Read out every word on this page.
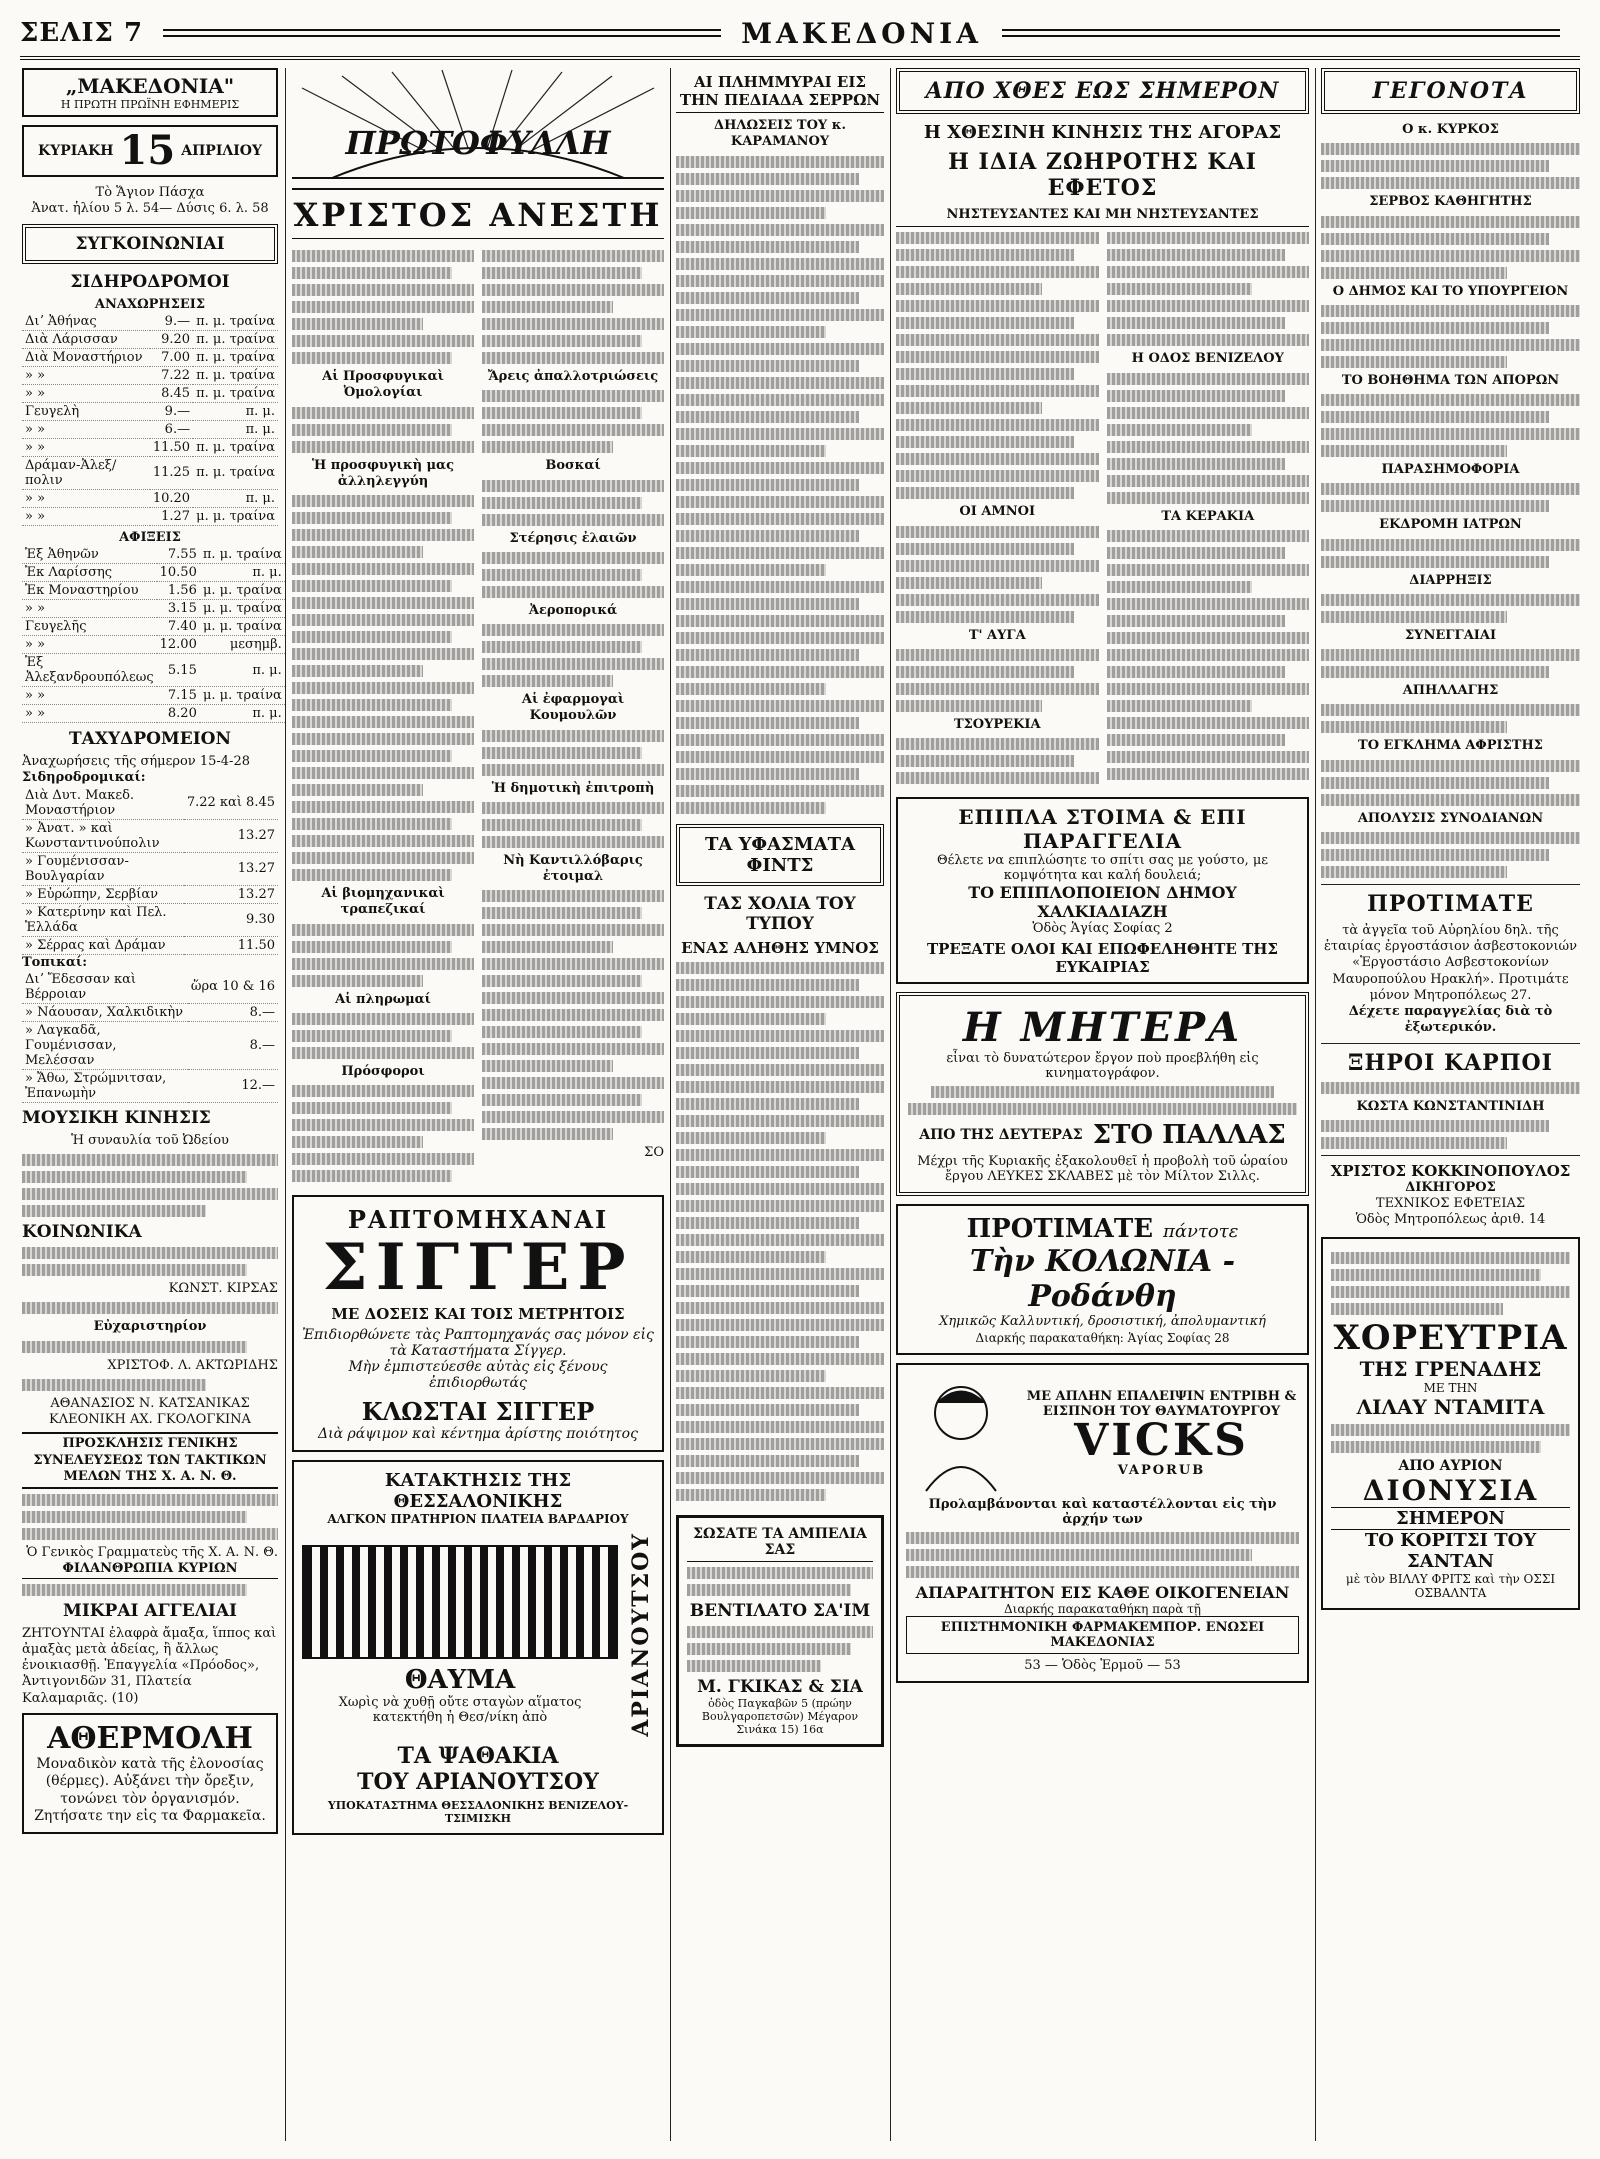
ΣΕΛΙΣ 7	ΜΑΚΕΔΟΝΙΑ
„ΜΑΚΕΔΟΝΙΑ"
Η ΠΡΩΤΗ ΠΡΩΪΝΗ ΕΦΗΜΕΡΙΣ
ΚΥΡΙΑΚΗ 15 ΑΠΡΙΛΙΟΥ
Τὸ Ἅγιον Πάσχα
Ἀνατ. ἡλίου 5 λ. 54— Δύσις 6. λ. 58
ΣΥΓΚΟΙΝΩΝΙΑΙ
ΣΙΔΗΡΟΔΡΟΜΟΙ
ΑΝΑΧΩΡΗΣΕΙΣ
Διʼ Ἀθήνας	9.—	π. μ. τραίνα
Διὰ Λάρισσαν	9.20	π. μ. τραίνα
Διὰ Μοναστήριον	7.00	π. μ. τραίνα
» »	7.22	π. μ. τραίνα
» »	8.45	π. μ. τραίνα
Γευγελὴ	9.—	π. μ.
» »	6.—	π. μ.
» »	11.50	π. μ. τραίνα
Δράμαν-Ἀλεξ/πολιν	11.25	π. μ. τραίνα
» »	10.20	π. μ.
» »	1.27	μ. μ. τραίνα
ΑΦΙΞΕΙΣ
Ἐξ Ἀθηνῶν	7.55	π. μ. τραίνα
Ἐκ Λαρίσσης	10.50	π. μ.
Ἐκ Μοναστηρίου	1.56	μ. μ. τραίνα
» »	3.15	μ. μ. τραίνα
Γευγελῆς	7.40	μ. μ. τραίνα
» »	12.00	μεσημβ.
Ἐξ Ἀλεξανδρουπόλεως	5.15	π. μ.
» »	7.15	μ. μ. τραίνα
» »	8.20	π. μ.
ΤΑΧΥΔΡΟΜΕΙΟΝ
Ἀναχωρήσεις τῆς σήμερον 15-4-28
Σιδηροδρομικαί:
Διὰ Δυτ. Μακεδ. Μοναστήριον	7.22 καὶ 8.45
» Ἀνατ. » καὶ Κωνσταντινούπολιν	13.27
» Γουμένισσαν-Βουλγαρίαν	13.27
» Εὐρώπην, Σερβίαν	13.27
» Κατερίνην καὶ Πελ. Ἑλλάδα	9.30
» Σέρρας καὶ Δράμαν	11.50
Τοπικαί:
Διʼ Ἔδεσσαν καὶ Βέρροιαν	ὥρα 10 & 16
» Νάουσαν, Χαλκιδικὴν	8.—
» Λαγκαδᾶ, Γουμένισσαν, Μελέσσαν	8.—
» Ἄθω, Στρώμνιτσαν, Ἐπανωμὴν	12.—
ΜΟΥΣΙΚΗ ΚΙΝΗΣΙΣ
Ἡ συναυλία τοῦ Ὠδείου
ΚΟΙΝΩΝΙΚΑ
ΚΩΝΣΤ. ΚΙΡΣΑΣ
Εὐχαριστηρίον
ΧΡΙΣΤΟΦ. Λ. ΑΚΤΩΡΙΔΗΣ
ΑΘΑΝΑΣΙΟΣ Ν. ΚΑΤΣΑΝΙΚΑΣ
ΚΛΕΟΝΙΚΗ ΑΧ. ΓΚΟΛΟΓΚΙΝΑ
ΠΡΟΣΚΛΗΣΙΣ ΓΕΝΙΚΗΣ ΣΥΝΕΛΕΥΣΕΩΣ ΤΩΝ ΤΑΚΤΙΚΩΝ ΜΕΛΩΝ ΤΗΣ Χ. Α. Ν. Θ.
Ὁ Γενικὸς Γραμματεὺς τῆς Χ. Α. Ν. Θ.
ΦΙΛΑΝΘΡΩΠΙΑ ΚΥΡΙΩΝ
ΜΙΚΡΑΙ ΑΓΓΕΛΙΑΙ
ΖΗΤΟΥΝΤΑΙ ἐλαφρὰ ἄμαξα, ἵππος καὶ ἀμαξὰς μετὰ ἀδείας, ἢ ἄλλως ἐνοικιασθῇ. Ἐπαγγελία «Πρόοδος», Ἀντιγονιδῶν 31, Πλατεία Καλαμαριᾶς. (10)
ΑΘΕΡΜΟΛΗ
Μοναδικὸν κατὰ τῆς ἐλονοσίας (θέρμες). Αὐξάνει τὴν ὄρεξιν, τονώνει τὸν ὀργανισμόν. Ζητήσατε την εἰς τα Φαρμακεῖα.
ΠΡΩΤΟΦΥΛΛΗ
ΧΡΙΣΤΟΣ ΑΝΕΣΤΗ
Αἱ Προσφυγικαὶ Ὀμολογίαι
Ἡ προσφυγικὴ μας ἀλληλεγγύη
Αἱ βιομηχανικαὶ τραπεζικαί
Αἱ πληρωμαί
Πρόσφοροι
Ἄρεις ἀπαλλοτριώσεις
Βοσκαί
Στέρησις ἐλαιῶν
Ἀεροπορικά
Αἱ ἐφαρμογαὶ Κουμουλῶν
Ἡ δημοτικὴ ἐπιτροπὴ
Νὴ Καντιλλόβαρις ἐτοιμαλ
ΣΟ
ΡΑΠΤΟΜΗΧΑΝΑΙ
ΣΙΓΓΕΡ
ΜΕ ΔΟΣΕΙΣ ΚΑΙ ΤΟΙΣ ΜΕΤΡΗΤΟΙΣ
Ἐπιδιορθώνετε τὰς Ραπτομηχανάς σας μόνον εἰς τὰ Καταστήματα Σίγγερ.
Μὴν ἐμπιστεύεσθε αὐτὰς εἰς ξένους ἐπιδιορθωτάς
ΚΛΩΣΤΑΙ ΣΙΓΓΕΡ
Διὰ ράψιμον καὶ κέντημα ἀρίστης ποιότητος
ΚΑΤΑΚΤΗΣΙΣ ΤΗΣ ΘΕΣΣΑΛΟΝΙΚΗΣ
ΑΛΓΚΟΝ ΠΡΑΤΗΡΙΟΝ ΠΛΑΤΕΙΑ ΒΑΡΔΑΡΙΟΥ
ΘΑΥΜΑ
Χωρὶς νὰ χυθῇ οὔτε σταγὼν αἵματος κατεκτήθη ἡ Θεσ/νίκη ἀπὸ	ΑΡΙΑΝΟΥΤΣΟΥ
ΤΑ ΨΑΘΑΚΙΑ
ΤΟΥ ΑΡΙΑΝΟΥΤΣΟΥ
ΥΠΟΚΑΤΑΣΤΗΜΑ ΘΕΣΣΑΛΟΝΙΚΗΣ ΒΕΝΙΖΕΛΟΥ-ΤΣΙΜΙΣΚΗ
ΑΙ ΠΛΗΜΜΥΡΑΙ ΕΙΣ ΤΗΝ ΠΕΔΙΑΔΑ ΣΕΡΡΩΝ
ΔΗΛΩΣΕΙΣ ΤΟΥ κ. ΚΑΡΑΜΑΝΟΥ
ΤΑ ΥΦΑΣΜΑΤΑ ΦΙΝΤΣ
ΤΑΣ ΧΟΛΙΑ ΤΟΥ ΤΥΠΟΥ
ΕΝΑΣ ΑΛΗΘΗΣ ΥΜΝΟΣ
ΣΩΣΑΤΕ ΤΑ ΑΜΠΕΛΙΑ ΣΑΣ
ΒΕΝΤΙΛΑΤΟ ΣΑ'ΙΜ
Μ. ΓΚΙΚΑΣ & ΣΙΑ
ὁδὸς Παγκαβῶν 5 (πρώην Βουλγαροπετσῶν) Μέγαρον Σινάκα 15) 16α
ΑΠΟ ΧΘΕΣ ΕΩΣ ΣΗΜΕΡΟΝ
Η ΧΘΕΣΙΝΗ ΚΙΝΗΣΙΣ ΤΗΣ ΑΓΟΡΑΣ
Η ΙΔΙΑ ΖΩΗΡΟΤΗΣ ΚΑΙ ΕΦΕΤΟΣ
ΝΗΣΤΕΥΣΑΝΤΕΣ ΚΑΙ ΜΗ ΝΗΣΤΕΥΣΑΝΤΕΣ
ΟΙ ΑΜΝΟΙ
Τ' ΑΥΓΑ
ΤΣΟΥΡΕΚΙΑ
Η ΟΔΟΣ ΒΕΝΙΖΕΛΟΥ
ΤΑ ΚΕΡΑΚΙΑ
ΕΠΙΠΛΑ ΣΤΟΙΜΑ & ΕΠΙ ΠΑΡΑΓΓΕΛΙΑ
Θέλετε να επιπλώσητε το σπίτι σας με γούστο, με κομψότητα και καλή δουλειά;
ΤΟ ΕΠΙΠΛΟΠΟΙΕΙΟΝ ΔΗΜΟΥ ΧΑΛΚΙΑΔΙΑΖΗ
Ὁδὸς Ἁγίας Σοφίας 2
ΤΡΕΞΑΤΕ ΟΛΟΙ ΚΑΙ ΕΠΩΦΕΛΗΘΗΤΕ ΤΗΣ ΕΥΚΑΙΡΙΑΣ
Η ΜΗΤΕΡΑ
εἶναι τὸ δυνατώτερον ἔργον ποὺ προεβλήθη εἰς κινηματογράφον.
ΑΠΟ ΤΗΣ ΔΕΥΤΕΡΑΣ ΣΤΟ ΠΑΛΛΑΣ
Μέχρι τῆς Κυριακῆς ἐξακολουθεῖ ἡ προβολὴ τοῦ ὡραίου ἔργου ΛΕΥΚΕΣ ΣΚΛΑΒΕΣ μὲ τὸν Μίλτον Σιλλς.
ΠΡΟΤΙΜΑΤΕ πάντοτε
Τὴν ΚΟΛΩΝΙΑ - Ροδάνθη
Χημικῶς Καλλυντική, δροσιστική, ἀπολυμαντική
Διαρκής παρακαταθήκη: Ἁγίας Σοφίας 28
ΜΕ ΑΠΛΗΝ ΕΠΑΛΕΙΨΙΝ ΕΝΤΡΙΒΗ & ΕΙΣΠΝΟΗ ΤΟΥ ΘΑΥΜΑΤΟΥΡΓΟΥ
VICKS
VAPORUB
Προλαμβάνονται καὶ καταστέλλονται εἰς τὴν ἀρχήν των
ΑΠΑΡΑΙΤΗΤΟΝ ΕΙΣ ΚΑΘΕ ΟΙΚΟΓΕΝΕΙΑΝ
Διαρκής παρακαταθήκη παρὰ τῇ
ΕΠΙΣΤΗΜΟΝΙΚΗ ΦΑΡΜΑΚΕΜΠΟΡ. ΕΝΩΣΕΙ ΜΑΚΕΔΟΝΙΑΣ
53 — Ὁδὸς Ἑρμοῦ — 53
ΓΕΓΟΝΟΤΑ
Ο κ. ΚΥΡΚΟΣ
ΣΕΡΒΟΣ ΚΑΘΗΓΗΤΗΣ
Ο ΔΗΜΟΣ ΚΑΙ ΤΟ ΥΠΟΥΡΓΕΙΟΝ
ΤΟ ΒΟΗΘΗΜΑ ΤΩΝ ΑΠΟΡΩΝ
ΠΑΡΑΣΗΜΟΦΟΡΙΑ
ΕΚΔΡΟΜΗ ΙΑΤΡΩΝ
ΔΙΑΡΡΗΞΙΣ
ΣΥΝΕΓΓΑΙΑΙ
ΑΠΗΛΛΑΓΗΣ
ΤΟ ΕΓΚΛΗΜΑ ΑΦΡΙΣΤΗΣ
ΑΠΟΛΥΣΙΣ ΣΥΝΟΔΙΑΝΩΝ
ΠΡΟΤΙΜΑΤΕ
τὰ ἀγγεῖα τοῦ Αὐρηλίου δηλ. τῆς ἑταιρίας ἐργοστάσιον ἀσβεστοκονιών «Ἑργοστάσιο Ασβεστοκονίων Μαυροπούλου Ηρακλή». Προτιμάτε μόνον Μητροπόλεως 27.
Δέχετε παραγγελίας διὰ τὸ ἐξωτερικόν.
ΞΗΡΟΙ ΚΑΡΠΟΙ
ΚΩΣΤΑ ΚΩΝΣΤΑΝΤΙΝΙΔΗ
ΧΡΙΣΤΟΣ ΚΟΚΚΙΝΟΠΟΥΛΟΣ
ΔΙΚΗΓΟΡΟΣ
ΤΕΧΝΙΚΟΣ ΕΦΕΤΕΙΑΣ
Ὁδὸς Μητροπόλεως ἀριθ. 14
ΧΟΡΕΥΤΡΙΑ
ΤΗΣ ΓΡΕΝΑΔΗΣ
ΜΕ ΤΗΝ
ΛΙΛΑΥ ΝΤΑΜΙΤΑ
ΑΠΟ ΑΥΡΙΟΝ
ΔΙΟΝΥΣΙΑ
ΣΗΜΕΡΟΝ
ΤΟ ΚΟΡΙΤΣΙ ΤΟΥ ΣΑΝΤΑΝ
μὲ τὸν ΒΙΛΛΥ ΦΡΙΤΣ καὶ τὴν ΟΣΣΙ ΟΣΒΑΛΝΤΑ
